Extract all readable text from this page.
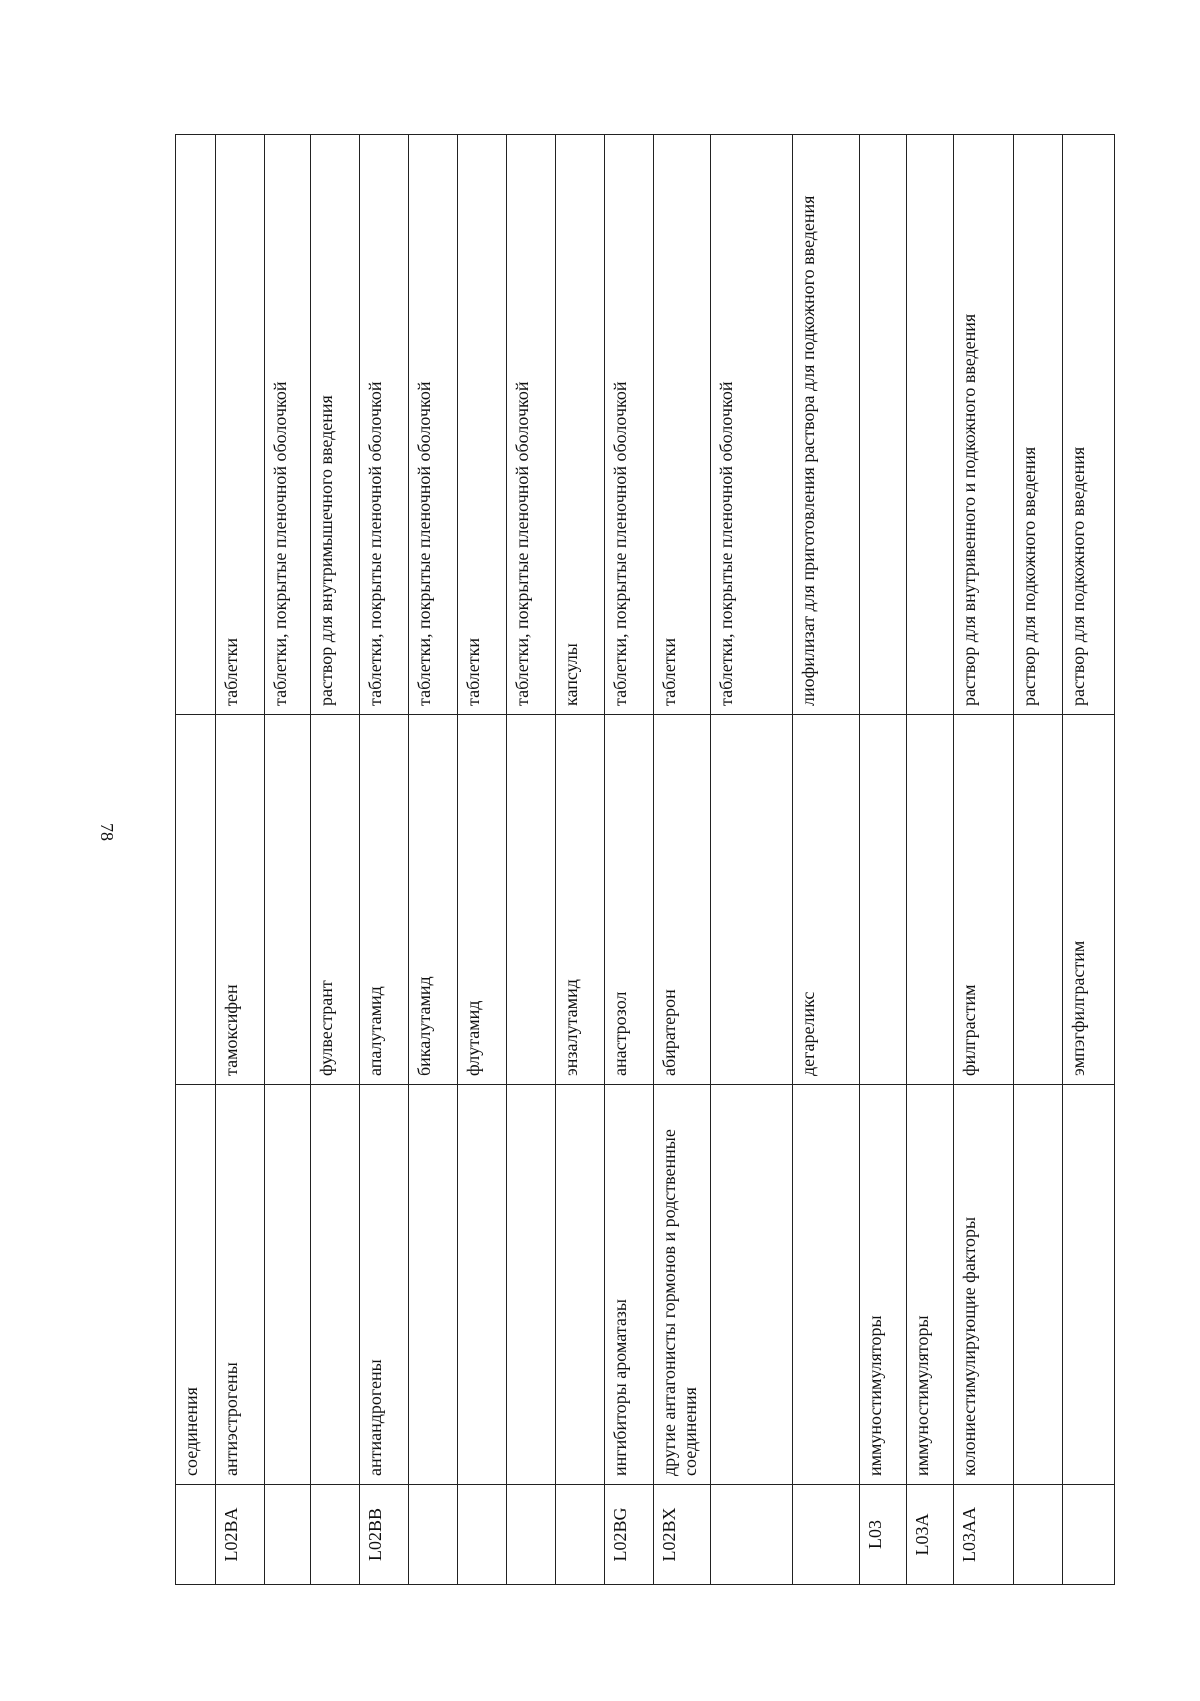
78
	соединения		
L02BA	антиэстрогены	тамоксифен	таблетки
			таблетки, покрытые пленочной оболочкой
		фулвестрант	раствор для внутримышечного введения
L02BB	антиандрогены	апалутамид	таблетки, покрытые пленочной оболочкой
		бикалутамид	таблетки, покрытые пленочной оболочкой
		флутамид	таблетки
			таблетки, покрытые пленочной оболочкой
		энзалутамид	капсулы
L02BG	ингибиторы ароматазы	анастрозол	таблетки, покрытые пленочной оболочкой
L02BX	другие антагонисты гормонов и родственные соединения	абиратерон	таблетки
			таблетки, покрытые пленочной оболочкой
		дегареликс	лиофилизат для приготовления раствора для подкожного введения
L03	иммуностимуляторы		
L03A	иммуностимуляторы		
L03AA	колониестимулирующие факторы	филграстим	раствор для внутривенного и подкожного введения
			раствор для подкожного введения
		эмпэгфилграстим	раствор для подкожного введения
